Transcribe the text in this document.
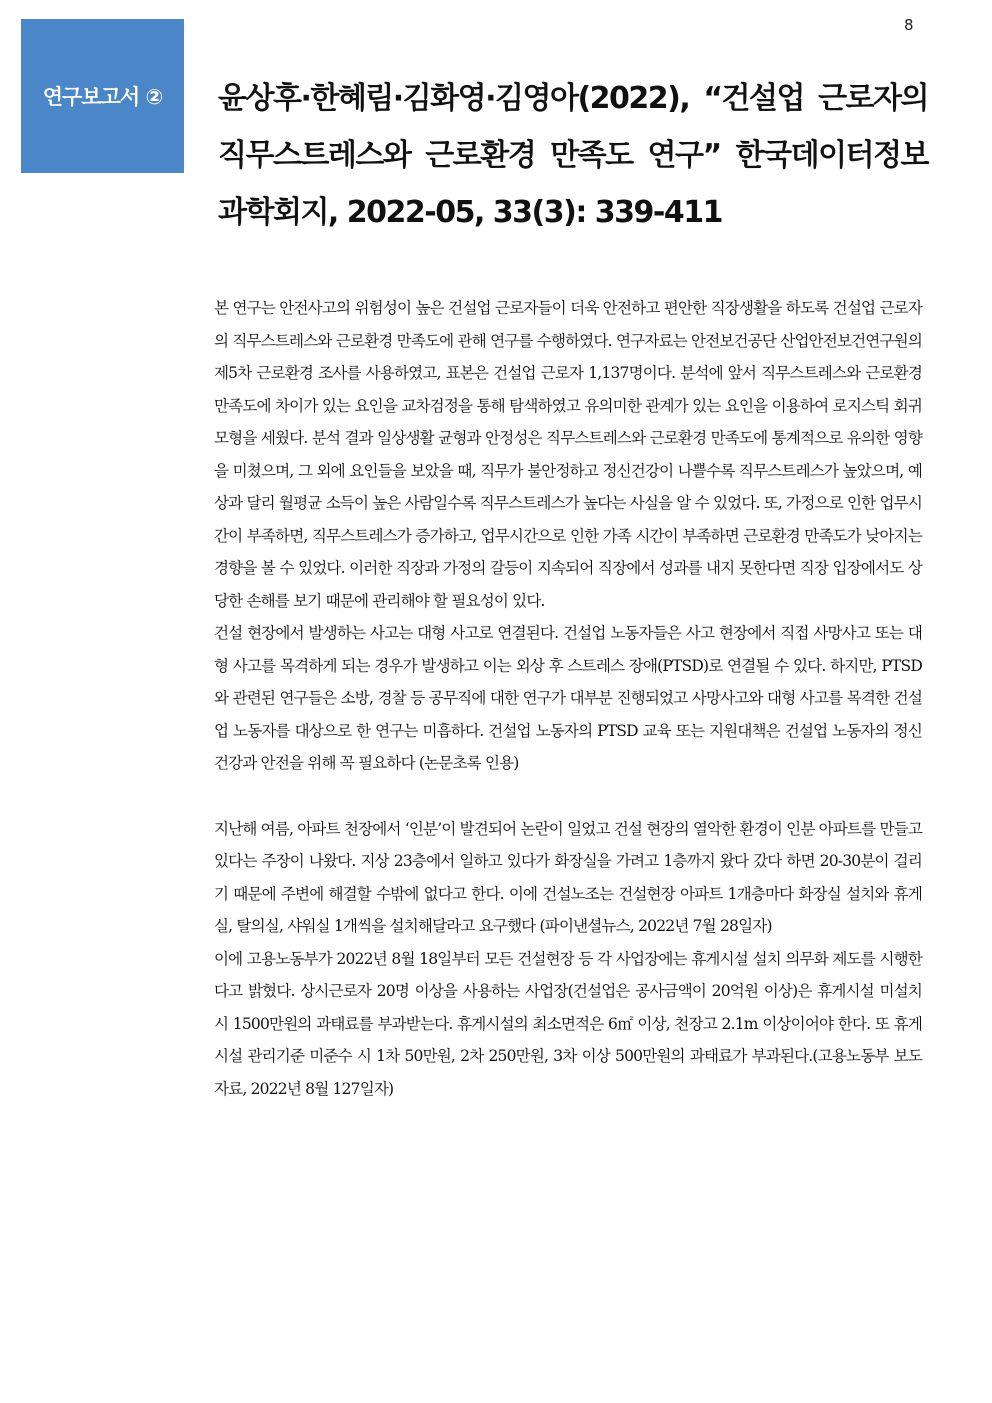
연구보고서 ②
8
윤상후·한혜림·김화영·김영아(2022), “건설업 근로자의 직무스트레스와 근로환경 만족도 연구” 한국데이터정보과학회지, 2022-05, 33(3): 339-411

본 연구는 안전사고의 위험성이 높은 건설업 근로자들이 더욱 안전하고 편안한 직장생활을 하도록 건설업 근로자의 직무스트레스와 근로환경 만족도에 관해 연구를 수행하였다. 연구자료는 안전보건공단 산업안전보건연구원의 제5차 근로환경 조사를 사용하였고, 표본은 건설업 근로자 1,137명이다. 분석에 앞서 직무스트레스와 근로환경 만족도에 차이가 있는 요인을 교차검정을 통해 탐색하였고 유의미한 관계가 있는 요인을 이용하여 로지스틱 회귀모형을 세웠다. 분석 결과 일상생활 균형과 안정성은 직무스트레스와 근로환경 만족도에 통계적으로 유의한 영향을 미쳤으며, 그 외에 요인들을 보았을 때, 직무가 불안정하고 정신건강이 나쁠수록 직무스트레스가 높았으며, 예상과 달리 월평균 소득이 높은 사람일수록 직무스트레스가 높다는 사실을 알 수 있었다. 또, 가정으로 인한 업무시간이 부족하면, 직무스트레스가 증가하고, 업무시간으로 인한 가족 시간이 부족하면 근로환경 만족도가 낮아지는 경향을 볼 수 있었다. 이러한 직장과 가정의 갈등이 지속되어 직장에서 성과를 내지 못한다면 직장 입장에서도 상당한 손해를 보기 때문에 관리해야 할 필요성이 있다.

건설 현장에서 발생하는 사고는 대형 사고로 연결된다. 건설업 노동자들은 사고 현장에서 직접 사망사고 또는 대형 사고를 목격하게 되는 경우가 발생하고 이는 외상 후 스트레스 장애(PTSD)로 연결될 수 있다. 하지만, PTSD와 관련된 연구들은 소방, 경찰 등 공무직에 대한 연구가 대부분 진행되었고 사망사고와 대형 사고를 목격한 건설업 노동자를 대상으로 한 연구는 미흡하다. 건설업 노동자의 PTSD 교육 또는 지원대책은 건설업 노동자의 정신건강과 안전을 위해 꼭 필요하다 (논문초록 인용)

지난해 여름, 아파트 천장에서 ‘인분’이 발견되어 논란이 일었고 건설 현장의 열악한 환경이 인분 아파트를 만들고 있다는 주장이 나왔다. 지상 23층에서 일하고 있다가 화장실을 가려고 1층까지 왔다 갔다 하면 20-30분이 걸리기 때문에 주변에 해결할 수밖에 없다고 한다. 이에 건설노조는 건설현장 아파트 1개층마다 화장실 설치와 휴게실, 탈의실, 샤워실 1개씩을 설치해달라고 요구했다 (파이낸셜뉴스, 2022년 7월 28일자)

이에 고용노동부가 2022년 8월 18일부터 모든 건설현장 등 각 사업장에는 휴게시설 설치 의무화 제도를 시행한다고 밝혔다. 상시근로자 20명 이상을 사용하는 사업장(건설업은 공사금액이 20억원 이상)은 휴게시설 미설치 시 1500만원의 과태료를 부과받는다. 휴게시설의 최소면적은 6㎡ 이상, 천장고 2.1m 이상이어야 한다. 또 휴게시설 관리기준 미준수 시 1차 50만원, 2차 250만원, 3차 이상 500만원의 과태료가 부과된다.(고용노동부 보도자료, 2022년 8월 127일자)
